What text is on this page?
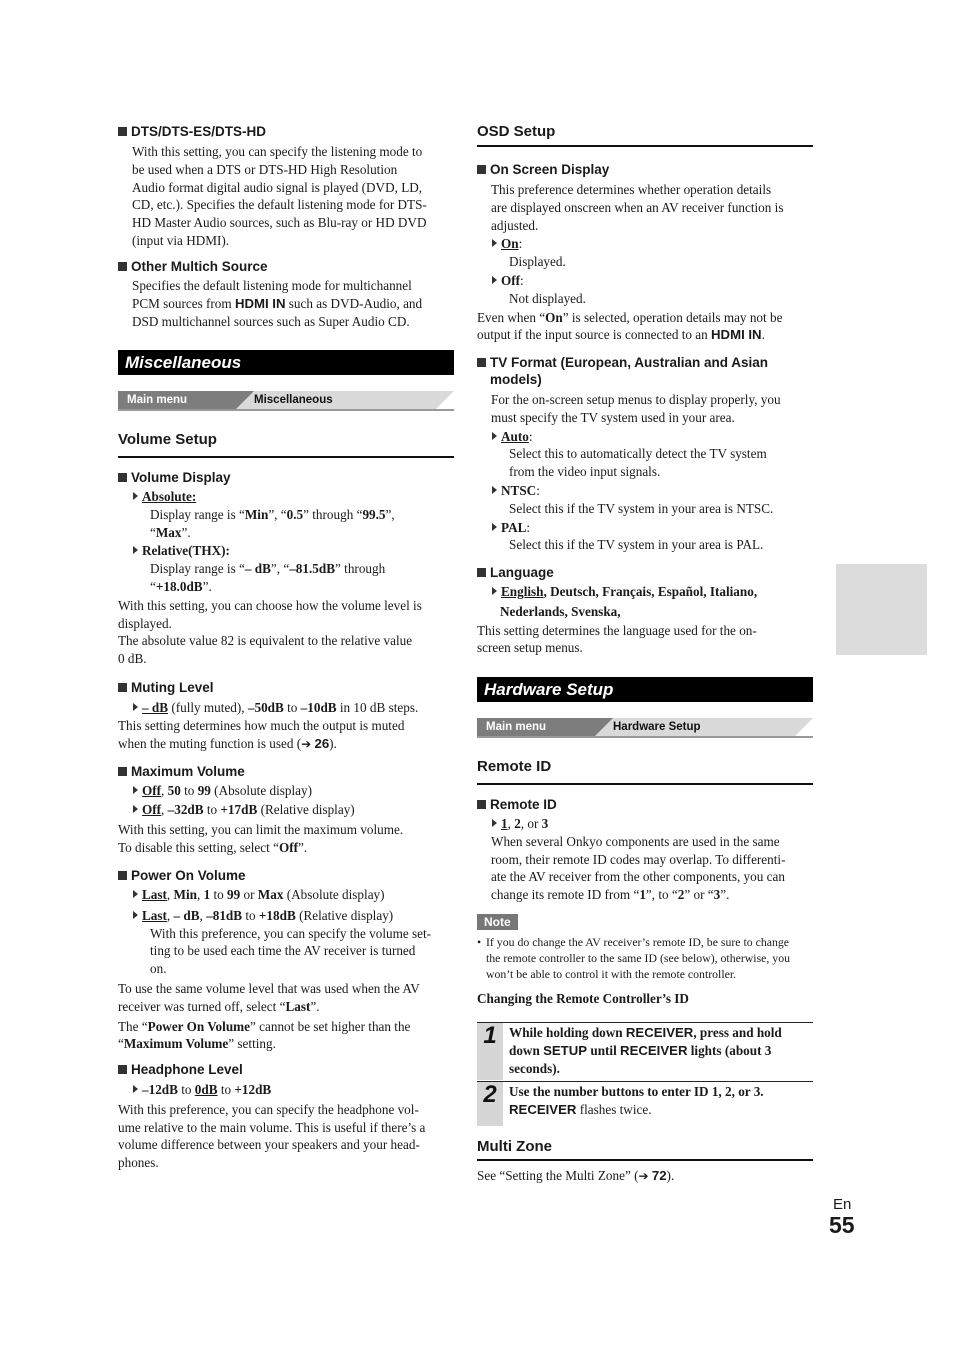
DTS/DTS-ES/DTS-HD
With this setting, you can specify the listening mode to
be used when a DTS or DTS-HD High Resolution
Audio format digital audio signal is played (DVD, LD,
CD, etc.). Specifies the default listening mode for DTS-
HD Master Audio sources, such as Blu-ray or HD DVD
(input via HDMI).
Other Multich Source
Specifies the default listening mode for multichannel
PCM sources from HDMI IN such as DVD-Audio, and
DSD multichannel sources such as Super Audio CD.
Miscellaneous
Miscellaneous
Main menu
Volume Setup
Volume Display
Absolute:
Display range is “Min”, “0.5” through “99.5”,
“Max”.
Relative(THX):
Display range is “– dB”, “–81.5dB” through
“+18.0dB”.
With this setting, you can choose how the volume level is
displayed.
The absolute value 82 is equivalent to the relative value
0 dB.
Muting Level
– dB (fully muted), –50dB to –10dB in 10 dB steps.
This setting determines how much the output is muted
when the muting function is used (➔ 26).
Maximum Volume
Off, 50 to 99 (Absolute display)
Off, –32dB to +17dB (Relative display)
With this setting, you can limit the maximum volume.
To disable this setting, select “Off”.
Power On Volume
Last, Min, 1 to 99 or Max (Absolute display)
Last, – dB, –81dB to +18dB (Relative display)
With this preference, you can specify the volume set-
ting to be used each time the AV receiver is turned
on.
To use the same volume level that was used when the AV
receiver was turned off, select “Last”.
The “Power On Volume” cannot be set higher than the
“Maximum Volume” setting.
Headphone Level
–12dB to 0dB to +12dB
With this preference, you can specify the headphone vol-
ume relative to the main volume. This is useful if there’s a
volume difference between your speakers and your head-
phones.
OSD Setup
On Screen Display
This preference determines whether operation details
are displayed onscreen when an AV receiver function is
adjusted.
On:
Displayed.
Off:
Not displayed.
Even when “On” is selected, operation details may not be
output if the input source is connected to an HDMI IN.
TV Format (European, Australian and Asian
models)
For the on-screen setup menus to display properly, you
must specify the TV system used in your area.
Auto:
Select this to automatically detect the TV system
from the video input signals.
NTSC:
Select this if the TV system in your area is NTSC.
PAL:
Select this if the TV system in your area is PAL.
Language
English, Deutsch, Français, Español, Italiano,
Nederlands, Svenska,
This setting determines the language used for the on-
screen setup menus.
Hardware Setup
Hardware Setup
Main menu
Remote ID
Remote ID
1, 2, or 3
When several Onkyo components are used in the same
room, their remote ID codes may overlap. To differenti-
ate the AV receiver from the other components, you can
change its remote ID from “1”, to “2” or “3”.
Note
• If you do change the AV receiver’s remote ID, be sure to change
the remote controller to the same ID (see below), otherwise, you
won’t be able to control it with the remote controller.
Changing the Remote Controller’s ID
1 While holding down RECEIVER, press and hold
down SETUP until RECEIVER lights (about 3
seconds).
2 Use the number buttons to enter ID 1, 2, or 3.
RECEIVER flashes twice.
Multi Zone
See “Setting the Multi Zone” (➔ 72).
En
55
